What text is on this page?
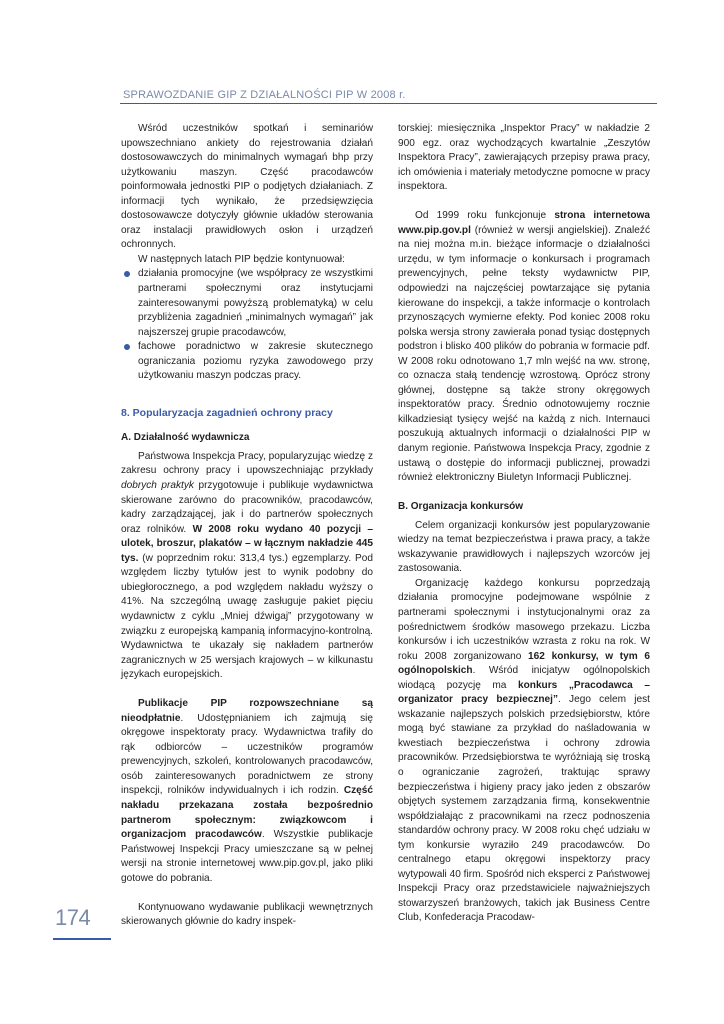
SPRAWOZDANIE GIP Z DZIAŁALNOŚCI PIP W 2008 r.

Wśród uczestników spotkań i seminariów upowszechniano ankiety do rejestrowania działań dostosowawczych do minimalnych wymagań bhp przy użytkowaniu maszyn. Część pracodawców poinformowała jednostki PIP o podjętych działaniach. Z informacji tych wynikało, że przedsięwzięcia dostosowawcze dotyczyły głównie układów sterowania oraz instalacji prawidłowych osłon i urządzeń ochronnych.

W następnych latach PIP będzie kontynuował:

działania promocyjne (we współpracy ze wszystkimi partnerami społecznymi oraz instytucjami zainteresowanymi powyższą problematyką) w celu przybliżenia zagadnień „minimalnych wymagań” jak najszerszej grupie pracodawców,
fachowe poradnictwo w zakresie skutecznego ograniczania poziomu ryzyka zawodowego przy użytkowaniu maszyn podczas pracy.

8. Popularyzacja zagadnień ochrony pracy

A. Działalność wydawnicza

Państwowa Inspekcja Pracy, popularyzując wiedzę z zakresu ochrony pracy i upowszechniając przykłady dobrych praktyk przygotowuje i publikuje wydawnictwa skierowane zarówno do pracowników, pracodawców, kadry zarządzającej, jak i do partnerów społecznych oraz rolników. W 2008 roku wydano 40 pozycji – ulotek, broszur, plakatów – w łącznym nakładzie 445 tys. (w poprzednim roku: 313,4 tys.) egzemplarzy. Pod względem liczby tytułów jest to wynik podobny do ubiegłorocznego, a pod względem nakładu wyższy o 41%. Na szczególną uwagę zasługuje pakiet pięciu wydawnictw z cyklu „Mniej dźwigaj” przygotowany w związku z europejską kampanią informacyjno-kontrolną. Wydawnictwa te ukazały się nakładem partnerów zagranicznych w 25 wersjach krajowych – w kilkunastu językach europejskich.

Publikacje PIP rozpowszechniane są nieodpłatnie. Udostępnianiem ich zajmują się okręgowe inspektoraty pracy. Wydawnictwa trafiły do rąk odbiorców – uczestników programów prewencyjnych, szkoleń, kontrolowanych pracodawców, osób zainteresowanych poradnictwem ze strony inspekcji, rolników indywidualnych i ich rodzin. Część nakładu przekazana została bezpośrednio partnerom społecznym: związkowcom i organizacjom pracodawców. Wszystkie publikacje Państwowej Inspekcji Pracy umieszczane są w pełnej wersji na stronie internetowej www.pip.gov.pl, jako pliki gotowe do pobrania.

Kontynuowano wydawanie publikacji wewnętrznych skierowanych głównie do kadry inspek-

torskiej: miesięcznika „Inspektor Pracy” w nakładzie 2 900 egz. oraz wychodzących kwartalnie „Zeszytów Inspektora Pracy”, zawierających przepisy prawa pracy, ich omówienia i materiały metodyczne pomocne w pracy inspektora.

Od 1999 roku funkcjonuje strona internetowa www.pip.gov.pl (również w wersji angielskiej). Znaleźć na niej można m.in. bieżące informacje o działalności urzędu, w tym informacje o konkursach i programach prewencyjnych, pełne teksty wydawnictw PIP, odpowiedzi na najczęściej powtarzające się pytania kierowane do inspekcji, a także informacje o kontrolach przynoszących wymierne efekty. Pod koniec 2008 roku polska wersja strony zawierała ponad tysiąc dostępnych podstron i blisko 400 plików do pobrania w formacie pdf. W 2008 roku odnotowano 1,7 mln wejść na ww. stronę, co oznacza stałą tendencję wzrostową. Oprócz strony głównej, dostępne są także strony okręgowych inspektoratów pracy. Średnio odnotowujemy rocznie kilkadziesiąt tysięcy wejść na każdą z nich. Internauci poszukują aktualnych informacji o działalności PIP w danym regionie. Państwowa Inspekcja Pracy, zgodnie z ustawą o dostępie do informacji publicznej, prowadzi również elektroniczny Biuletyn Informacji Publicznej.

B. Organizacja konkursów

Celem organizacji konkursów jest popularyzowanie wiedzy na temat bezpieczeństwa i prawa pracy, a także wskazywanie prawidłowych i najlepszych wzorców jej zastosowania.

Organizację każdego konkursu poprzedzają działania promocyjne podejmowane wspólnie z partnerami społecznymi i instytucjonalnymi oraz za pośrednictwem środków masowego przekazu. Liczba konkursów i ich uczestników wzrasta z roku na rok. W roku 2008 zorganizowano 162 konkursy, w tym 6 ogólnopolskich. Wśród inicjatyw ogólnopolskich wiodącą pozycję ma konkurs „Pracodawca – organizator pracy bezpiecznej”. Jego celem jest wskazanie najlepszych polskich przedsiębiorstw, które mogą być stawiane za przykład do naśladowania w kwestiach bezpieczeństwa i ochrony zdrowia pracowników. Przedsiębiorstwa te wyróżniają się troską o ograniczanie zagrożeń, traktując sprawy bezpieczeństwa i higieny pracy jako jeden z obszarów objętych systemem zarządzania firmą, konsekwentnie współdziałając z pracownikami na rzecz podnoszenia standardów ochrony pracy. W 2008 roku chęć udziału w tym konkursie wyraziło 249 pracodawców. Do centralnego etapu okręgowi inspektorzy pracy wytypowali 40 firm. Spośród nich eksperci z Państwowej Inspekcji Pracy oraz przedstawiciele najważniejszych stowarzyszeń branżowych, takich jak Business Centre Club, Konfederacja Pracodaw-

174
